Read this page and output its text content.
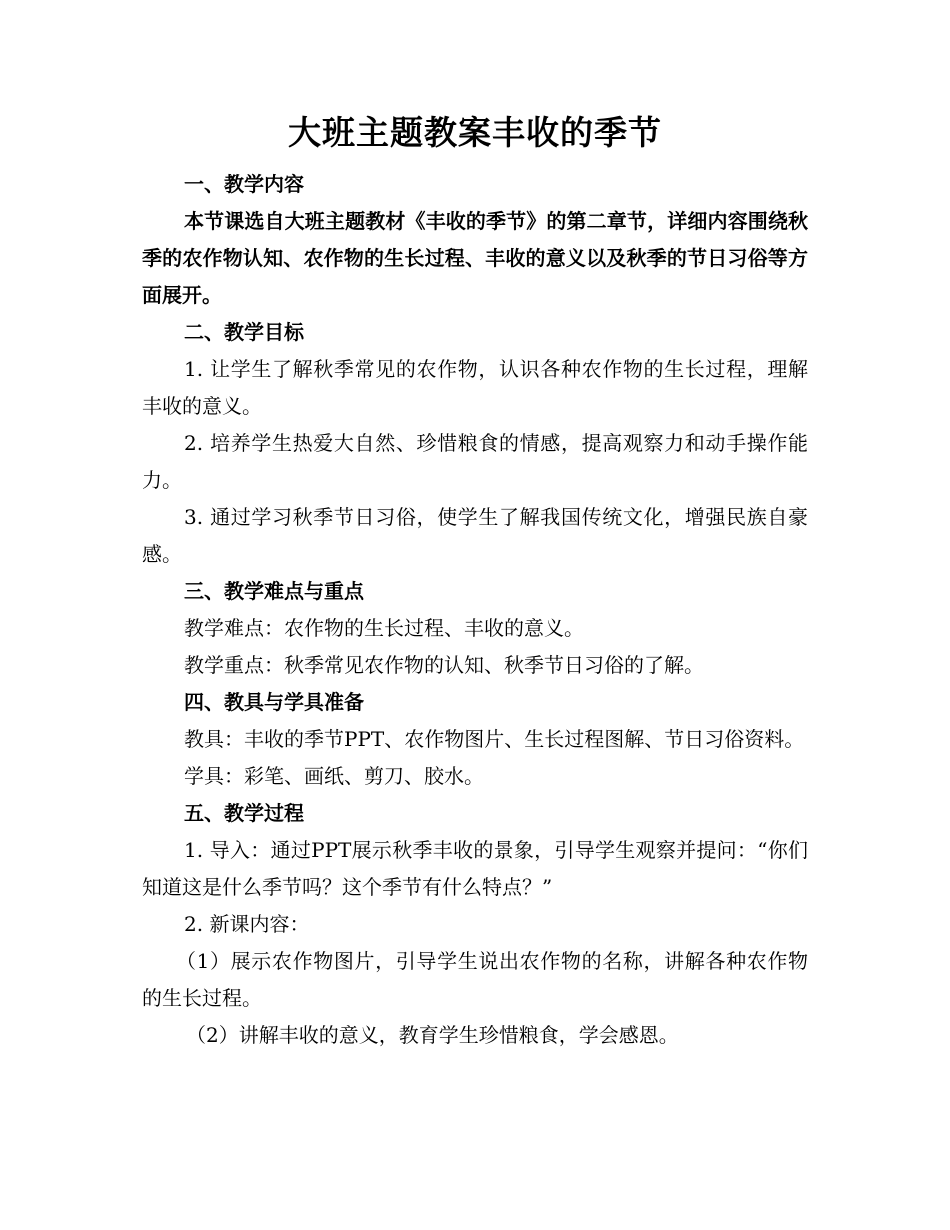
大班主题教案丰收的季节

一、教学内容

本节课选自大班主题教材《丰收的季节》的第二章节，详细内容围绕秋季的农作物认知、农作物的生长过程、丰收的意义以及秋季的节日习俗等方面展开。

二、教学目标

1. 让学生了解秋季常见的农作物，认识各种农作物的生长过程，理解丰收的意义。

2. 培养学生热爱大自然、珍惜粮食的情感，提高观察力和动手操作能力。

3. 通过学习秋季节日习俗，使学生了解我国传统文化，增强民族自豪感。

三、教学难点与重点

教学难点：农作物的生长过程、丰收的意义。

教学重点：秋季常见农作物的认知、秋季节日习俗的了解。

四、教具与学具准备

教具：丰收的季节PPT、农作物图片、生长过程图解、节日习俗资料。

学具：彩笔、画纸、剪刀、胶水。

五、教学过程

1. 导入：通过PPT展示秋季丰收的景象，引导学生观察并提问：“你们知道这是什么季节吗？这个季节有什么特点？”

2. 新课内容：

（1）展示农作物图片，引导学生说出农作物的名称，讲解各种农作物的生长过程。

（2）讲解丰收的意义，教育学生珍惜粮食，学会感恩。
